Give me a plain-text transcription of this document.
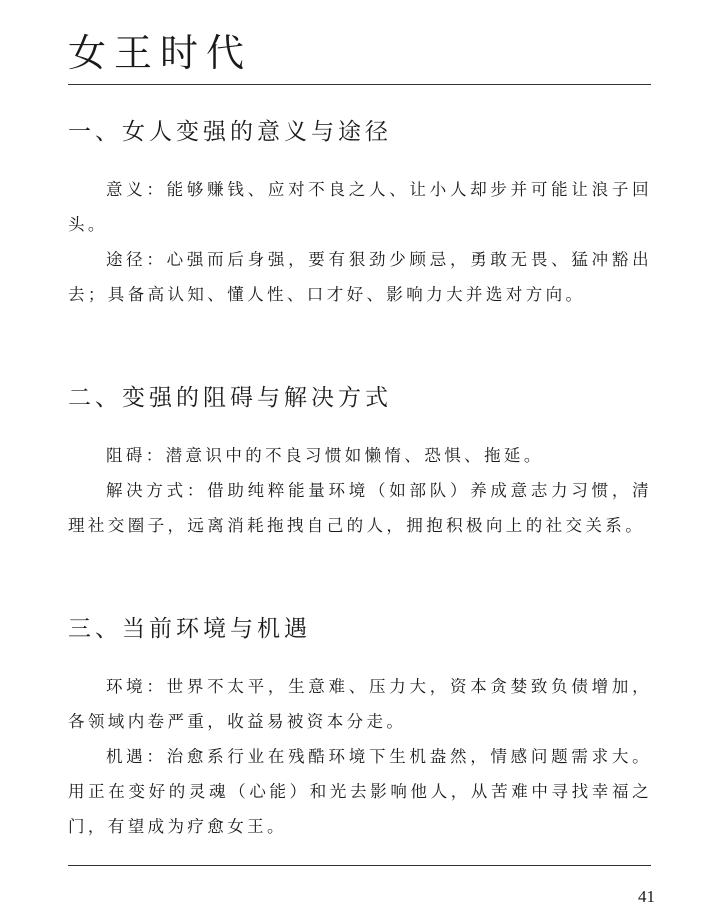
女王时代
一、女人变强的意义与途径

意义：能够赚钱、应对不良之人、让小人却步并可能让浪子回头。

途径：心强而后身强，要有狠劲少顾忌，勇敢无畏、猛冲豁出去；具备高认知、懂人性、口才好、影响力大并选对方向。

二、变强的阻碍与解决方式

阻碍：潜意识中的不良习惯如懒惰、恐惧、拖延。

解决方式：借助纯粹能量环境（如部队）养成意志力习惯，清理社交圈子，远离消耗拖拽自己的人，拥抱积极向上的社交关系。

三、当前环境与机遇

环境：世界不太平，生意难、压力大，资本贪婪致负债增加，各领域内卷严重，收益易被资本分走。

机遇：治愈系行业在残酷环境下生机盎然，情感问题需求大。用正在变好的灵魂（心能）和光去影响他人，从苦难中寻找幸福之门，有望成为疗愈女王。

41
